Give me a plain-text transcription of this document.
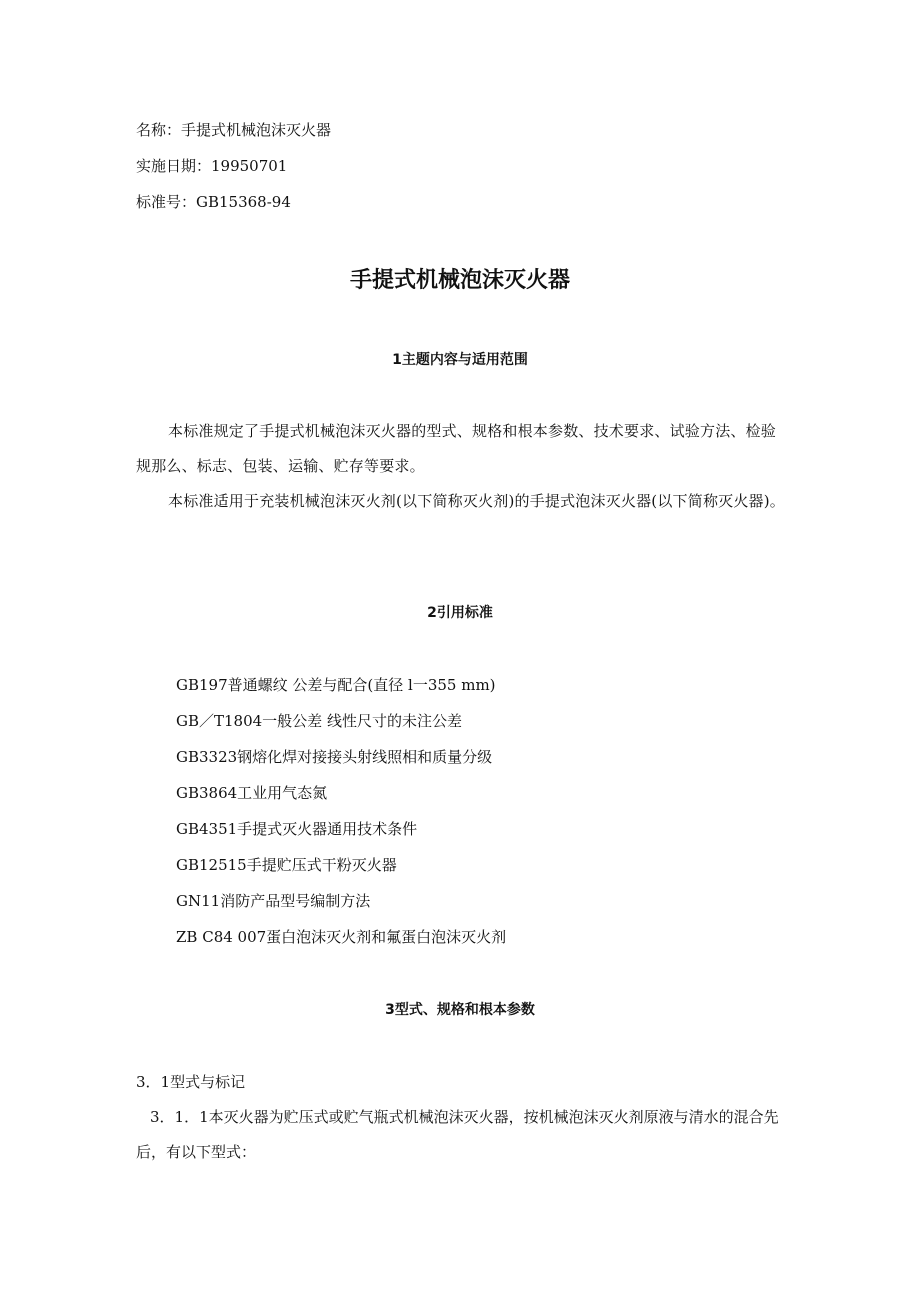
名称：手提式机械泡沫灭火器
实施日期：19950701
标准号：GB15368-94
手提式机械泡沫灭火器
1主题内容与适用范围
本标准规定了手提式机械泡沫灭火器的型式、规格和根本参数、技术要求、试验方法、检验规那么、标志、包装、运输、贮存等要求。
本标准适用于充装机械泡沫灭火剂(以下简称灭火剂)的手提式泡沫灭火器(以下简称灭火器)。
2引用标准
GB197普通螺纹 公差与配合(直径 l一355 mm)
GB／T1804一般公差 线性尺寸的未注公差
GB3323钢熔化焊对接接头射线照相和质量分级
GB3864工业用气态氮
GB4351手提式灭火器通用技术条件
GB12515手提贮压式干粉灭火器
GN11消防产品型号编制方法
ZB C84 007蛋白泡沫灭火剂和氟蛋白泡沫灭火剂
3型式、规格和根本参数
3．1型式与标记
3．1．1本灭火器为贮压式或贮气瓶式机械泡沫灭火器，按机械泡沫灭火剂原液与清水的混合先后，有以下型式：
